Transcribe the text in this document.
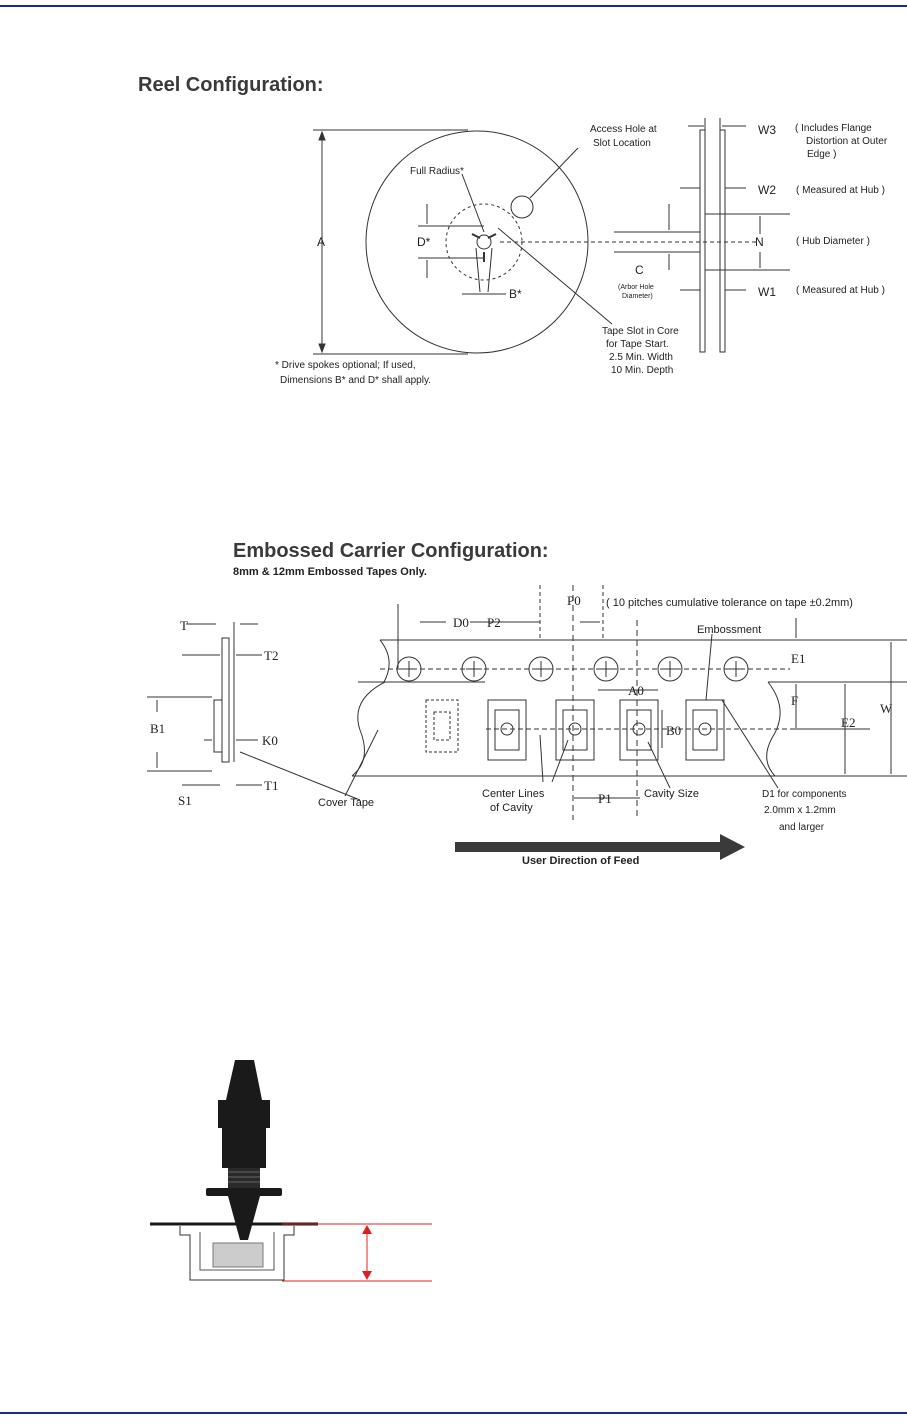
Reel Configuration:
A	D*
B*
Full Radius*
Access Hole at
Slot Location
C
(Arbor Hole
Diameter)
N
Tape Slot in Core
for Tape Start.
2.5 Min. Width
10 Min. Depth
W3 ( Includes Flange
Distortion at Outer
Edge )
W2 ( Measured at Hub )
( Hub Diameter )
W1 ( Measured at Hub )
* Drive spokes optional; If used,
Dimensions B* and D* shall apply.
T
T2
B1
K0
S1
T1
D0 P2
P0 ( 10 pitches cumulative tolerance on tape ±0.2mm)
Embossment
E1
F
E2
W
A0
B0
Cover Tape
Center Lines
of Cavity
P1	Cavity Size	D1 for components
2.0mm x 1.2mm
and larger
User Direction of Feed
Embossed Carrier Configuration:
8mm & 12mm Embossed Tapes Only.
